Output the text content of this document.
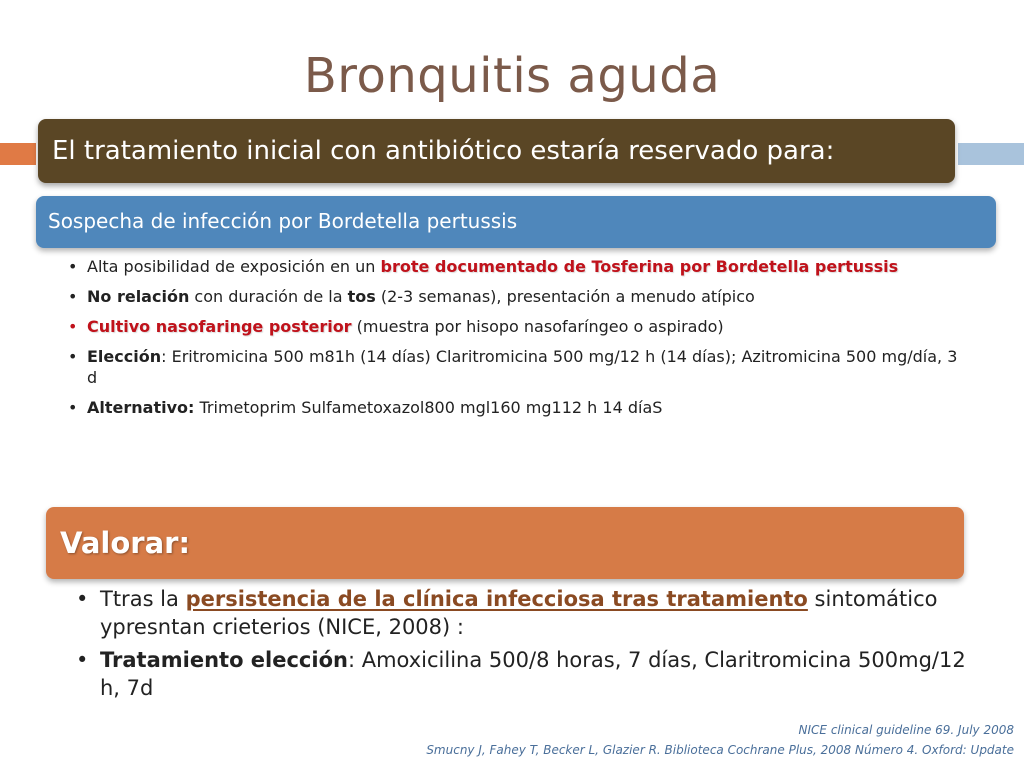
Bronquitis aguda
El tratamiento inicial con antibiótico estaría reservado para:
Sospecha de infección por Bordetella pertussis
• Alta posibilidad de exposición en un brote documentado de Tosferina por Bordetella pertussis
• No relación con duración de la tos (2-3 semanas), presentación a menudo atípico
• Cultivo nasofaringe posterior (muestra por hisopo nasofaríngeo o aspirado)
• Elección: Eritromicina 500 m81h (14 días) Claritromicina 500 mg/12 h (14 días); Azitromicina 500 mg/día, 3 d
• Alternativo: Trimetoprim Sulfametoxazol800 mgl160 mg112 h 14 díaS
Valorar:
• Ttras la persistencia de la clínica infecciosa tras tratamiento sintomático ypresntan crieterios (NICE, 2008) :
• Tratamiento elección: Amoxicilina 500/8 horas, 7 días, Claritromicina 500mg/12 h, 7d
NICE clinical guideline 69. July 2008
Smucny J, Fahey T, Becker L, Glazier R. Biblioteca Cochrane Plus, 2008 Número 4. Oxford: Update
